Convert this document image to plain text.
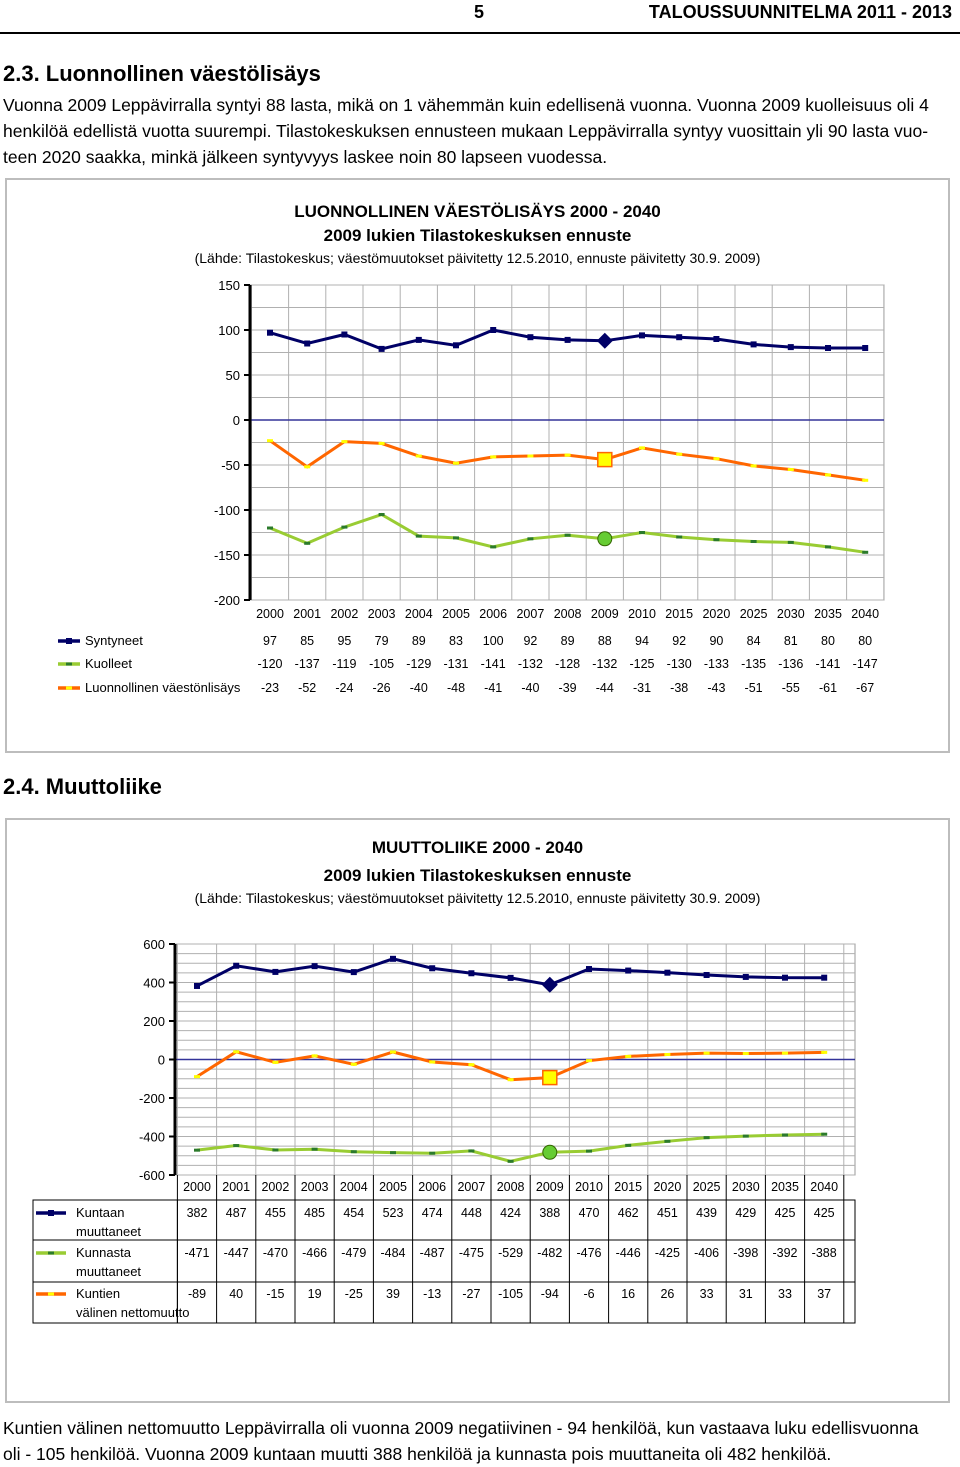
5	TALOUSSUUNNITELMA 2011 - 2013
2.3. Luonnollinen väestölisäys
Vuonna 2009 Leppävirralla syntyi 88 lasta, mikä on 1 vähemmän kuin edellisenä vuonna. Vuonna 2009 kuolleisuus oli 4
henkilöä edellistä vuotta suurempi. Tilastokeskuksen ennusteen mukaan Leppävirralla syntyy vuosittain yli 90 lasta vuo-
teen 2020 saakka, minkä jälkeen syntyvyys laskee noin 80 lapseen vuodessa.
LUONNOLLINEN VÄESTÖLISÄYS 2000 - 2040
2009 lukien Tilastokeskuksen ennuste
(Lähde: Tilastokeskus; väestömuutokset päivitetty 12.5.2010, ennuste päivitetty 30.9. 2009)
150
100
50
0
-50
-100
-150
-200
2000 2001 2002 2003 2004 2005 2006 2007 2008 2009 2010 2015 2020 2025 2030 2035 2040
Syntyneet	97 85 95 79 89 83 100 92 89 88 94 92 90 84 81 80 80
Kuolleet	-120 -137 -119 -105 -129 -131 -141 -132 -128 -132 -125 -130 -133 -135 -136 -141 -147
Luonnollinen väestönlisäys -23 -52 -24 -26 -40 -48 -41 -40 -39 -44 -31 -38 -43 -51 -55 -61 -67
2.4. Muuttoliike
MUUTTOLIIKE 2000 - 2040
2009 lukien Tilastokeskuksen ennuste
(Lähde: Tilastokeskus; väestömuutokset päivitetty 12.5.2010, ennuste päivitetty 30.9. 2009)
600
400
200
0
-200
-400
-600
2000 2001 2002 2003 2004 2005 2006 2007 2008 2009 2010 2015 2020 2025 2030 2035 2040
Kuntaan muuttaneet
382 487 455 485 454 523 474 448 424 388 470 462 451 439 429 425 425
Kunnasta muuttaneet
-471 -447 -470 -466 -479 -484 -487 -475 -529 -482 -476 -446 -425 -406 -398 -392 -388
Kuntien välinen nettomuutto
-89 40 -15 19 -25 39 -13 -27 -105 -94 -6 16 26 33 31 33 37
Kuntien välinen nettomuutto Leppävirralla oli vuonna 2009 negatiivinen - 94 henkilöä, kun vastaava luku edellisvuonna
oli - 105 henkilöä. Vuonna 2009 kuntaan muutti 388 henkilöä ja kunnasta pois muuttaneita oli 482 henkilöä.
